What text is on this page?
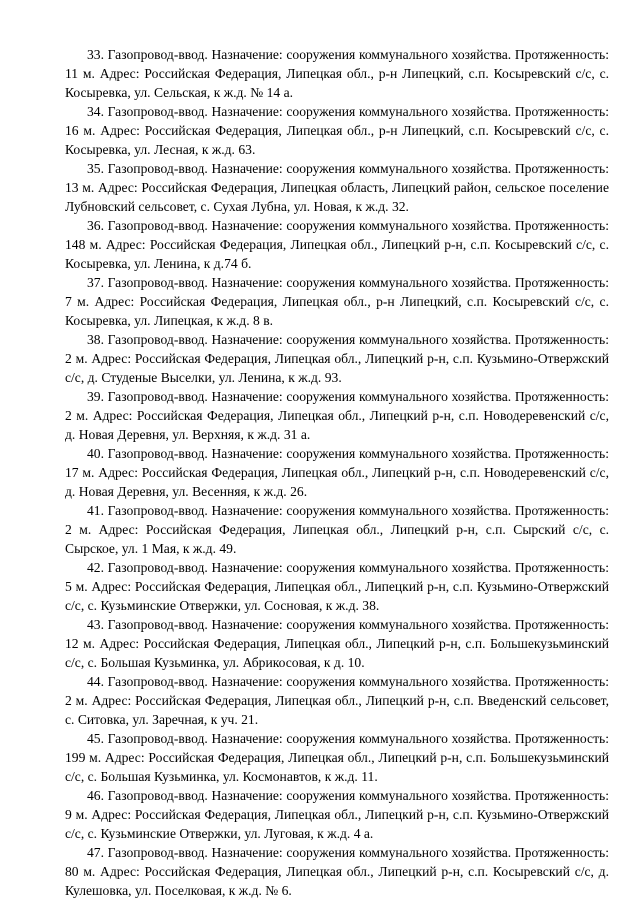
33. Газопровод-ввод. Назначение: сооружения коммунального хозяйства. Протяженность: 11 м. Адрес: Российская Федерация, Липецкая обл., р-н Липецкий, с.п. Косыревский с/с, с. Косыревка, ул. Сельская, к ж.д. № 14 а.

34. Газопровод-ввод. Назначение: сооружения коммунального хозяйства. Протяженность: 16 м. Адрес: Российская Федерация, Липецкая обл., р-н Липецкий, с.п. Косыревский с/с, с. Косыревка, ул. Лесная, к ж.д. 63.

35. Газопровод-ввод. Назначение: сооружения коммунального хозяйства. Протяженность: 13 м. Адрес: Российская Федерация, Липецкая область, Липецкий район, сельское поселение Лубновский сельсовет, с. Сухая Лубна, ул. Новая, к ж.д. 32.

36. Газопровод-ввод. Назначение: сооружения коммунального хозяйства. Протяженность: 148 м. Адрес: Российская Федерация, Липецкая обл., Липецкий р-н, с.п. Косыревский с/с, с. Косыревка, ул. Ленина, к д.74 б.

37. Газопровод-ввод. Назначение: сооружения коммунального хозяйства. Протяженность: 7 м. Адрес: Российская Федерация, Липецкая обл., р-н Липецкий, с.п. Косыревский с/с, с. Косыревка, ул. Липецкая, к ж.д. 8 в.

38. Газопровод-ввод. Назначение: сооружения коммунального хозяйства. Протяженность: 2 м. Адрес: Российская Федерация, Липецкая обл., Липецкий р-н, с.п. Кузьмино-Отвержский с/с, д. Студеные Выселки, ул. Ленина, к ж.д. 93.

39. Газопровод-ввод. Назначение: сооружения коммунального хозяйства. Протяженность: 2 м. Адрес: Российская Федерация, Липецкая обл., Липецкий р-н, с.п. Новодеревенский с/с, д. Новая Деревня, ул. Верхняя, к ж.д. 31 а.

40. Газопровод-ввод. Назначение: сооружения коммунального хозяйства. Протяженность: 17 м. Адрес: Российская Федерация, Липецкая обл., Липецкий р-н, с.п. Новодеревенский с/с, д. Новая Деревня, ул. Весенняя, к ж.д. 26.

41. Газопровод-ввод. Назначение: сооружения коммунального хозяйства. Протяженность: 2 м. Адрес: Российская Федерация, Липецкая обл., Липецкий р-н, с.п. Сырский с/с, с. Сырское, ул. 1 Мая, к ж.д. 49.

42. Газопровод-ввод. Назначение: сооружения коммунального хозяйства. Протяженность: 5 м. Адрес: Российская Федерация, Липецкая обл., Липецкий р-н, с.п. Кузьмино-Отвержский с/с, с. Кузьминские Отвержки, ул. Сосновая, к ж.д. 38.

43. Газопровод-ввод. Назначение: сооружения коммунального хозяйства. Протяженность: 12 м. Адрес: Российская Федерация, Липецкая обл., Липецкий р-н, с.п. Большекузьминский с/с, с. Большая Кузьминка, ул. Абрикосовая, к д. 10.

44. Газопровод-ввод. Назначение: сооружения коммунального хозяйства. Протяженность: 2 м. Адрес: Российская Федерация, Липецкая обл., Липецкий р-н, с.п. Введенский сельсовет, с. Ситовка, ул. Заречная, к уч. 21.

45. Газопровод-ввод. Назначение: сооружения коммунального хозяйства. Протяженность: 199 м. Адрес: Российская Федерация, Липецкая обл., Липецкий р-н, с.п. Большекузьминский с/с, с. Большая Кузьминка, ул. Космонавтов, к ж.д. 11.

46. Газопровод-ввод. Назначение: сооружения коммунального хозяйства. Протяженность: 9 м. Адрес: Российская Федерация, Липецкая обл., Липецкий р-н, с.п. Кузьмино-Отвержский с/с, с. Кузьминские Отвержки, ул. Луговая, к ж.д. 4 а.

47. Газопровод-ввод. Назначение: сооружения коммунального хозяйства. Протяженность: 80 м. Адрес: Российская Федерация, Липецкая обл., Липецкий р-н, с.п. Косыревский с/с, д. Кулешовка, ул. Поселковая, к ж.д. № 6.
